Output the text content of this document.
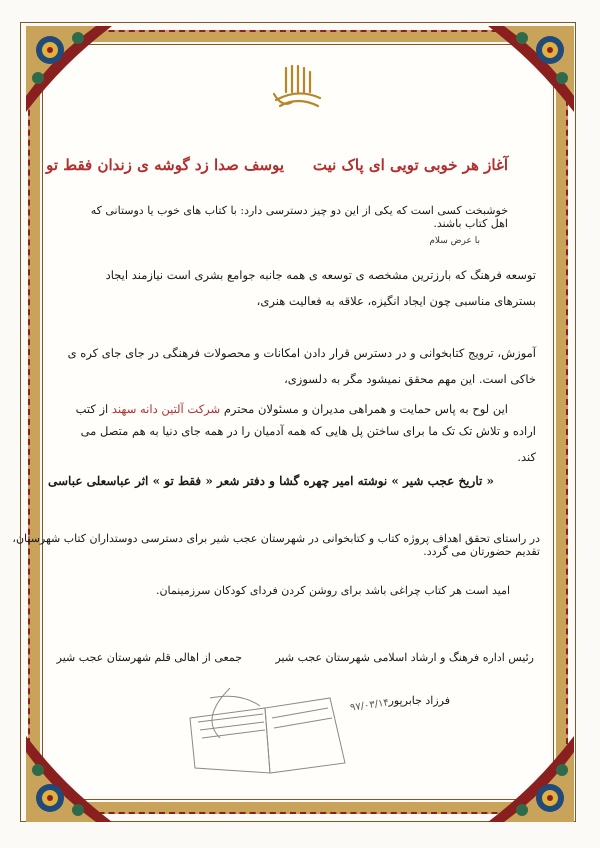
آغاز هر خوبی تویی ای پاک نیت
یوسف صدا زد گوشه ی زندان فقط تو
خوشبخت کسی است که یکی از این دو چیز دسترسی دارد: با کتاب های خوب یا دوستانی که اهل کتاب باشند.
با عرض سلام
توسعه فرهنگ که بارزترین مشخصه ی توسعه ی همه جانبه جوامع بشری است نیازمند ایجاد بسترهای مناسبی چون ایجاد انگیزه، علاقه به فعالیت هنری،
آموزش، ترویج کتابخوانی و در دسترس قرار دادن امکانات و محصولات فرهنگی در جای جای کره ی خاکی است. این مهم محقق نمیشود مگر به دلسوزی،
اراده و تلاش تک تک ما برای ساختن پل هایی که همه آدمیان را در همه جای دنیا به هم متصل می کند.
این لوح به پاس حمایت و همراهی مدیران و مسئولان محترم شرکت آلتین دانه سهند از کتب
« تاریخ عجب شیر » نوشته امیر چهره گشا و دفتر شعر « فقط تو » اثر عباسعلی عباسی
در راستای تحقق اهداف پروژه کتاب و کتابخوانی در شهرستان عجب شیر برای دسترسی دوستداران کتاب شهرستان، تقدیم حضورتان می گردد.
امید است هر کتاب چراغی باشد برای روشن کردن فردای کودکان سرزمینمان.
رئیس اداره فرهنگ و ارشاد اسلامی شهرستان عجب شیر
فرزاد جابرپور
جمعی از اهالی قلم شهرستان عجب شیر
۹۷/۰۳/۱۴
